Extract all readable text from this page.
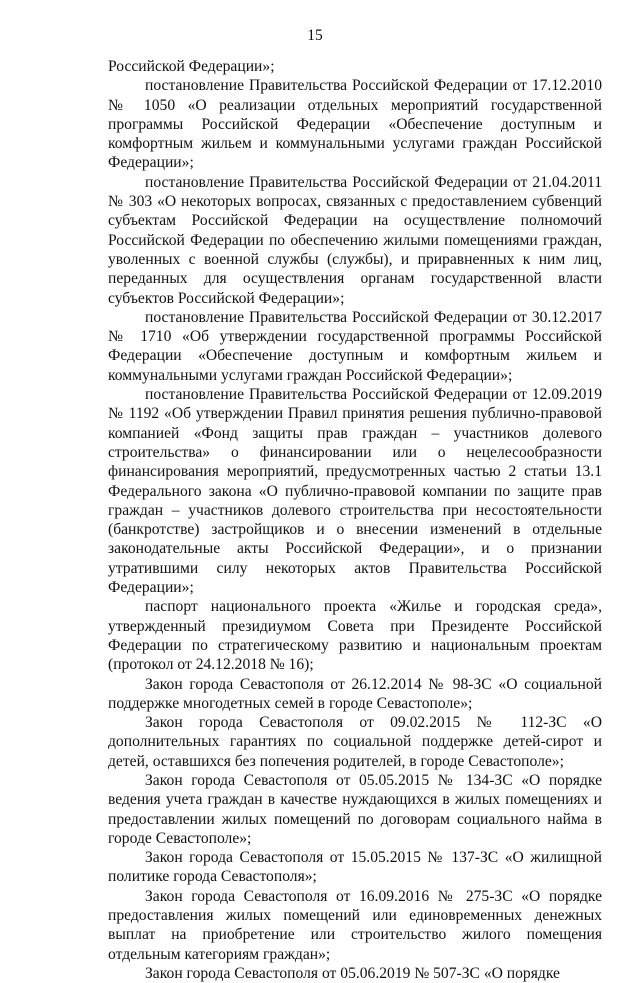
15

Российской Федерации»;

постановление Правительства Российской Федерации от 17.12.2010 № 1050 «О реализации отдельных мероприятий государственной программы Российской Федерации «Обеспечение доступным и комфортным жильем и коммунальными услугами граждан Российской Федерации»;

постановление Правительства Российской Федерации от 21.04.2011 № 303 «О некоторых вопросах, связанных с предоставлением субвенций субъектам Российской Федерации на осуществление полномочий Российской Федерации по обеспечению жилыми помещениями граждан, уволенных с военной службы (службы), и приравненных к ним лиц, переданных для осуществления органам государственной власти субъектов Российской Федерации»;

постановление Правительства Российской Федерации от 30.12.2017 № 1710 «Об утверждении государственной программы Российской Федерации «Обеспечение доступным и комфортным жильем и коммунальными услугами граждан Российской Федерации»;

постановление Правительства Российской Федерации от 12.09.2019 № 1192 «Об утверждении Правил принятия решения публично-правовой компанией «Фонд защиты прав граждан – участников долевого строительства» о финансировании или о нецелесообразности финансирования мероприятий, предусмотренных частью 2 статьи 13.1 Федерального закона «О публично-правовой компании по защите прав граждан – участников долевого строительства при несостоятельности (банкротстве) застройщиков и о внесении изменений в отдельные законодательные акты Российской Федерации», и о признании утратившими силу некоторых актов Правительства Российской Федерации»;

паспорт национального проекта «Жилье и городская среда», утвержденный президиумом Совета при Президенте Российской Федерации по стратегическому развитию и национальным проектам (протокол от 24.12.2018 № 16);

Закон города Севастополя от 26.12.2014 № 98-ЗС «О социальной поддержке многодетных семей в городе Севастополе»;

Закон города Севастополя от 09.02.2015 № 112-ЗС «О дополнительных гарантиях по социальной поддержке детей-сирот и детей, оставшихся без попечения родителей, в городе Севастополе»;

Закон города Севастополя от 05.05.2015 № 134-ЗС «О порядке ведения учета граждан в качестве нуждающихся в жилых помещениях и предоставлении жилых помещений по договорам социального найма в городе Севастополе»;

Закон города Севастополя от 15.05.2015 № 137-ЗС «О жилищной политике города Севастополя»;

Закон города Севастополя от 16.09.2016 № 275-ЗС «О порядке предоставления жилых помещений или единовременных денежных выплат на приобретение или строительство жилого помещения отдельным категориям граждан»;

Закон города Севастополя от 05.06.2019 № 507-ЗС «О порядке
